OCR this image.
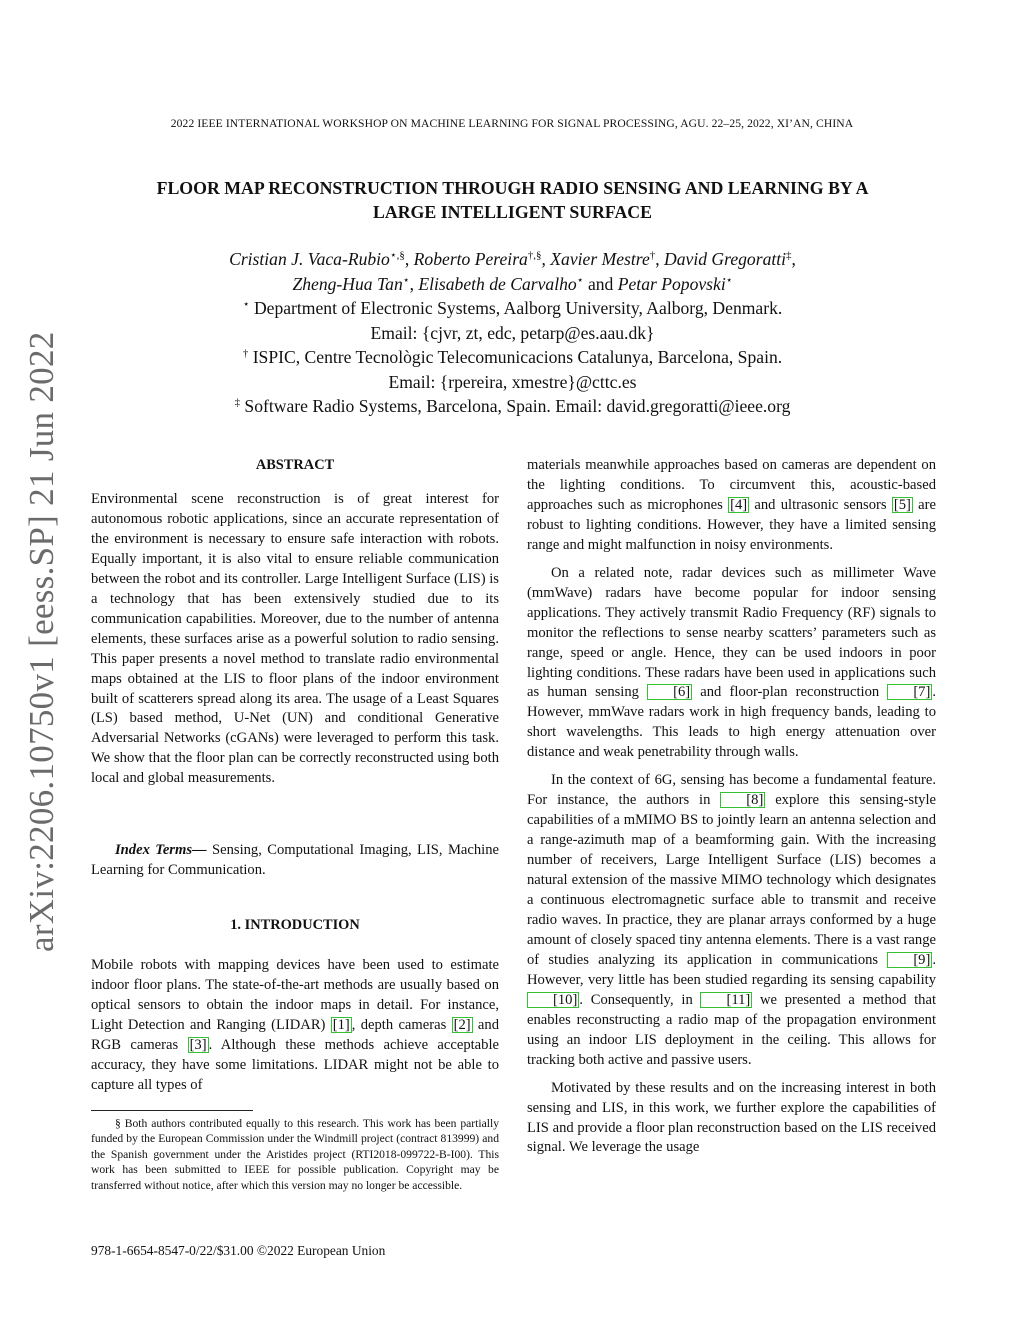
2022 IEEE INTERNATIONAL WORKSHOP ON MACHINE LEARNING FOR SIGNAL PROCESSING, AGU. 22–25, 2022, XI’AN, CHINA
FLOOR MAP RECONSTRUCTION THROUGH RADIO SENSING AND LEARNING BY A
LARGE INTELLIGENT SURFACE
Cristian J. Vaca-Rubio⋆,§, Roberto Pereira†,§, Xavier Mestre†, David Gregoratti‡,
Zheng-Hua Tan⋆, Elisabeth de Carvalho⋆ and Petar Popovski⋆
⋆ Department of Electronic Systems, Aalborg University, Aalborg, Denmark.
Email: {cjvr, zt, edc, petarp@es.aau.dk}
† ISPIC, Centre Tecnològic Telecomunicacions Catalunya, Barcelona, Spain.
Email: {rpereira, xmestre}@cttc.es
‡ Software Radio Systems, Barcelona, Spain. Email: david.gregoratti@ieee.org
arXiv:2206.10750v1 [eess.SP] 21 Jun 2022	ABSTRACT

Environmental scene reconstruction is of great interest for autonomous robotic applications, since an accurate representation of the environment is necessary to ensure safe interaction with robots. Equally important, it is also vital to ensure reliable communication between the robot and its controller. Large Intelligent Surface (LIS) is a technology that has been extensively studied due to its communication capabilities. Moreover, due to the number of antenna elements, these surfaces arise as a powerful solution to radio sensing. This paper presents a novel method to translate radio environmental maps obtained at the LIS to floor plans of the indoor environment built of scatterers spread along its area. The usage of a Least Squares (LS) based method, U-Net (UN) and conditional Generative Adversarial Networks (cGANs) were leveraged to perform this task. We show that the floor plan can be correctly reconstructed using both local and global measurements.

Index Terms— Sensing, Computational Imaging, LIS, Machine Learning for Communication.

1. INTRODUCTION

Mobile robots with mapping devices have been used to estimate indoor floor plans. The state-of-the-art methods are usually based on optical sensors to obtain the indoor maps in detail. For instance, Light Detection and Ranging (LIDAR) [1] , depth cameras [2] and RGB cameras [3] . Although these methods achieve acceptable accuracy, they have some limitations. LIDAR might not be able to capture all types of

§ Both authors contributed equally to this research. This work has been partially funded by the European Commission under the Windmill project (contract 813999) and the Spanish government under the Aristides project (RTI2018-099722-B-I00). This work has been submitted to IEEE for possible publication. Copyright may be transferred without notice, after which this version may no longer be accessible.

978-1-6654-8547-0/22/$31.00 ©2022 European Union

materials meanwhile approaches based on cameras are dependent on the lighting conditions. To circumvent this, acoustic-based approaches such as microphones [4] and ultrasonic sensors [5] are robust to lighting conditions. However, they have a limited sensing range and might malfunction in noisy environments.

On a related note, radar devices such as millimeter Wave (mmWave) radars have become popular for indoor sensing applications. They actively transmit Radio Frequency (RF) signals to monitor the reflections to sense nearby scatters’ parameters such as range, speed or angle. Hence, they can be used indoors in poor lighting conditions. These radars have been used in applications such as human sensing [6] and floor-plan reconstruction [7] . However, mmWave radars work in high frequency bands, leading to short wavelengths. This leads to high energy attenuation over distance and weak penetrability through walls.

In the context of 6G, sensing has become a fundamental feature. For instance, the authors in [8] explore this sensing-style capabilities of a mMIMO BS to jointly learn an antenna selection and a range-azimuth map of a beamforming gain. With the increasing number of receivers, Large Intelligent Surface (LIS) becomes a natural extension of the massive MIMO technology which designates a continuous electromagnetic surface able to transmit and receive radio waves. In practice, they are planar arrays conformed by a huge amount of closely spaced tiny antenna elements. There is a vast range of studies analyzing its application in communications [9] . However, very little has been studied regarding its sensing capability [10] . Consequently, in [11] we presented a method that enables reconstructing a radio map of the propagation environment using an indoor LIS deployment in the ceiling. This allows for tracking both active and passive users.

Motivated by these results and on the increasing interest in both sensing and LIS, in this work, we further explore the capabilities of LIS and provide a floor plan reconstruction based on the LIS received signal. We leverage the usage
